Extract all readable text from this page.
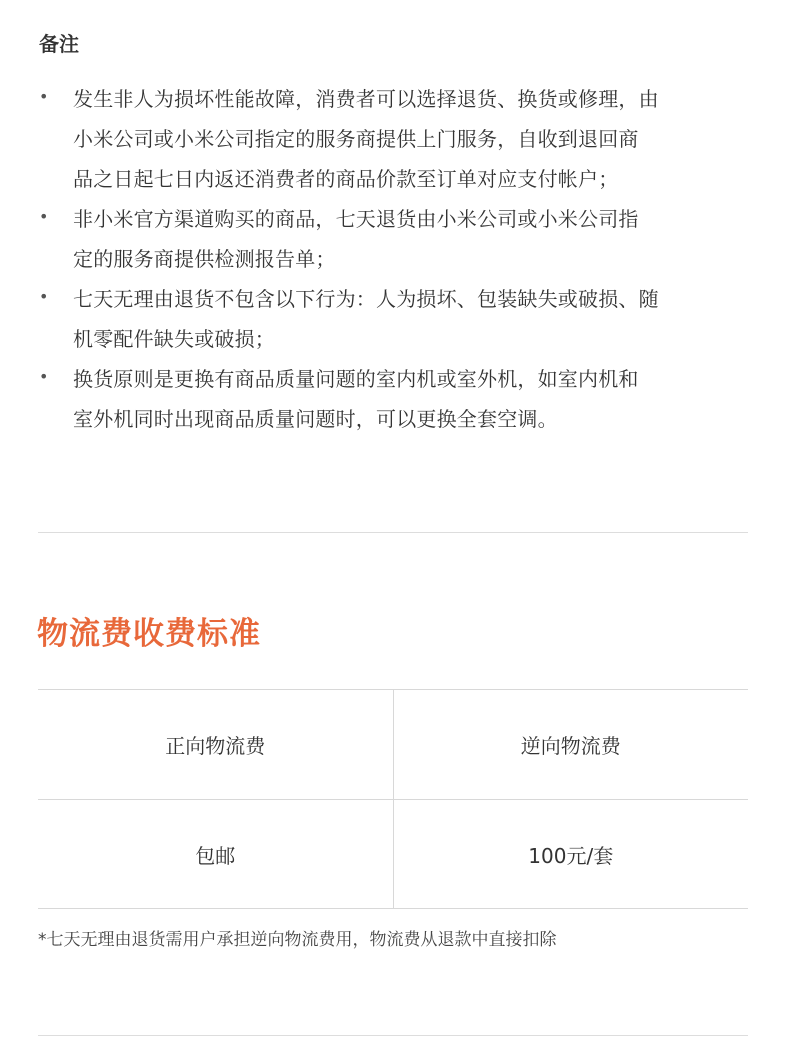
备注
•	发生非人为损坏性能故障，消费者可以选择退货、换货或修理，由
小米公司或小米公司指定的服务商提供上门服务，自收到退回商
品之日起七日内返还消费者的商品价款至订单对应支付帐户；
•	非小米官方渠道购买的商品，七天退货由小米公司或小米公司指
定的服务商提供检测报告单；
•	七天无理由退货不包含以下行为：人为损坏、包装缺失或破损、随
机零配件缺失或破损；
•	换货原则是更换有商品质量问题的室内机或室外机，如室内机和
室外机同时出现商品质量问题时，可以更换全套空调。
物流费收费标准
正向物流费	逆向物流费
包邮	100元/套
*七天无理由退货需用户承担逆向物流费用，物流费从退款中直接扣除
